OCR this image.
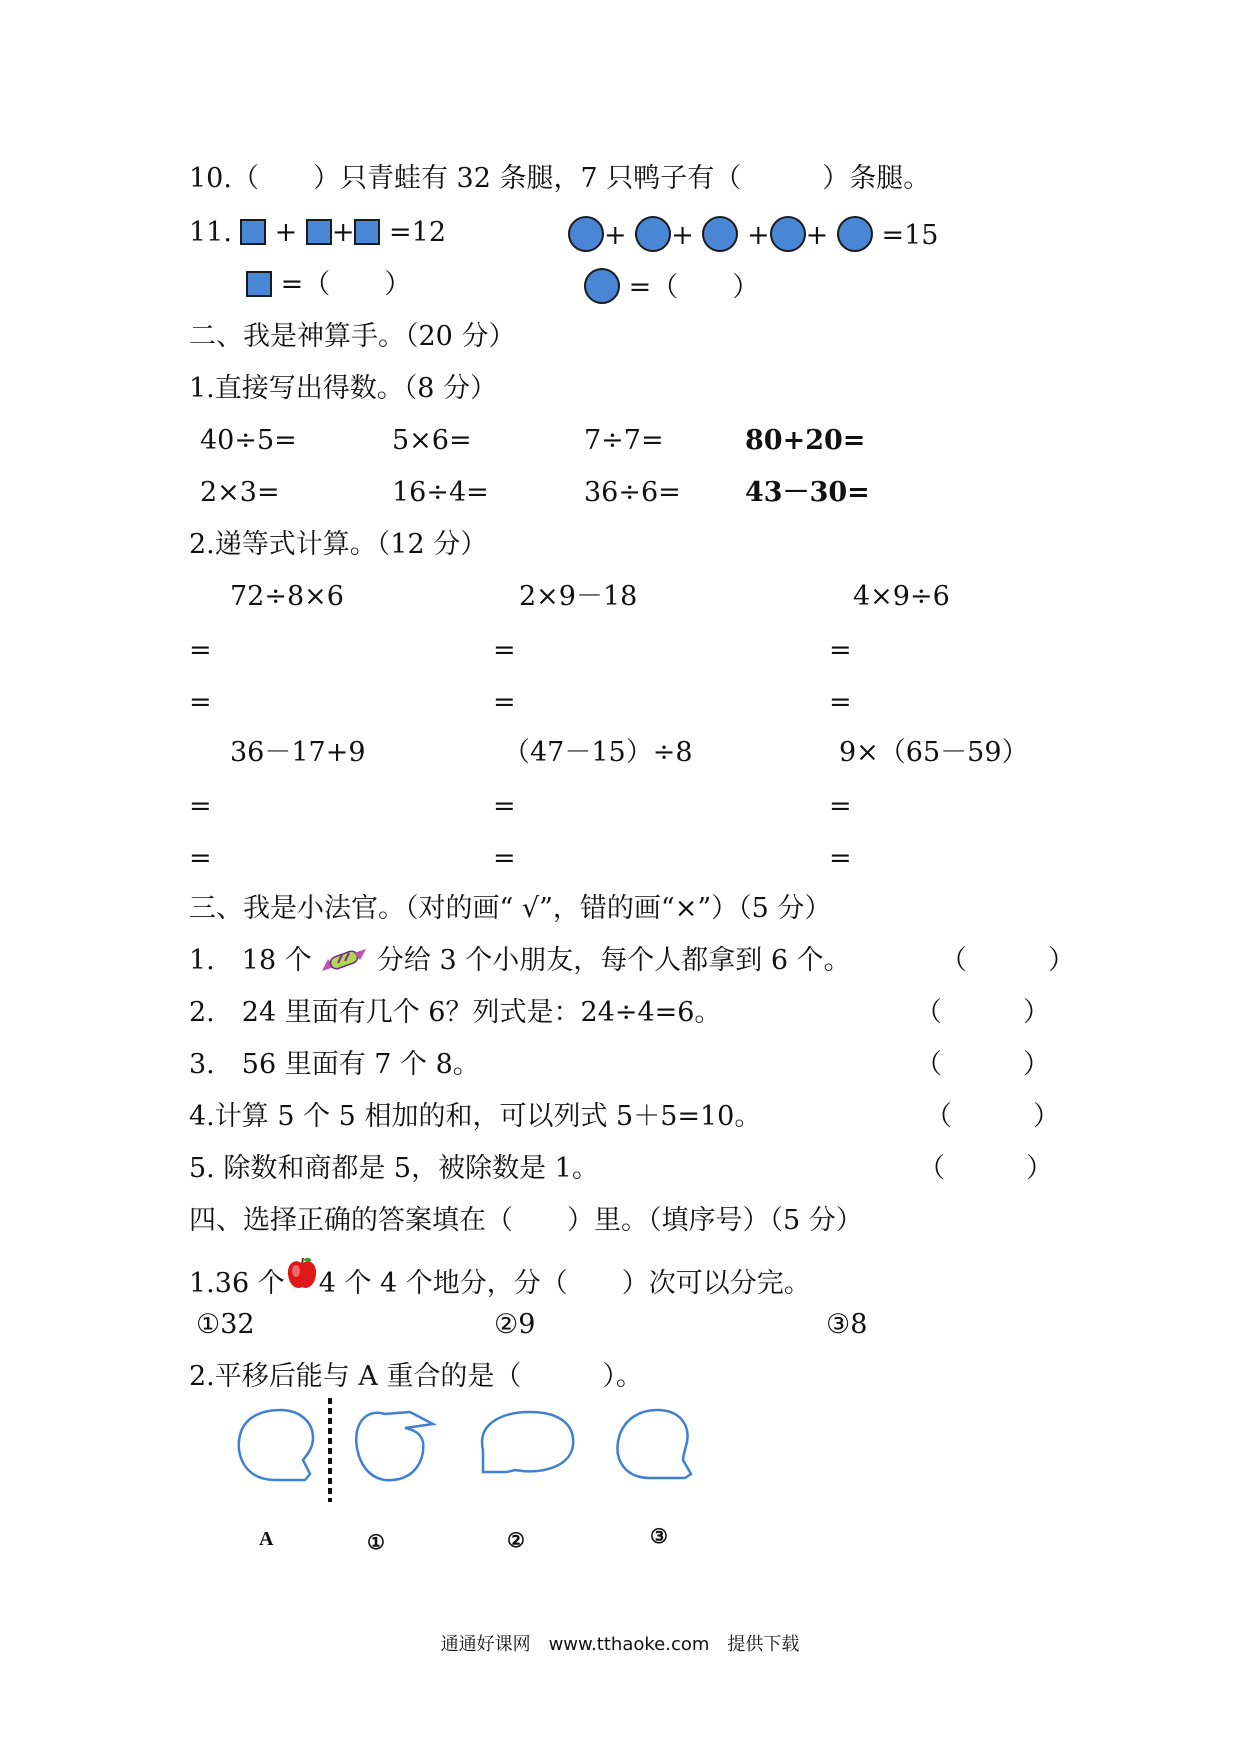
10.（　　）只青蛙有 32 条腿，7 只鸭子有（　　　）条腿。
11.	+ + =12	+ + + + =15
=（　　）	=（　　）
二、我是神算手。（20 分）
1.直接写出得数。（8 分）
40÷5=	5×6=	7÷7=	80+20=
2×3=	16÷4=	36÷6= 43－30=
2.递等式计算。（12 分）
72÷8×6	2×9－18	4×9÷6
=	=	=
=	=	=
36－17+9	（47－15）÷8	9×（65－59）
=	=	=
=	=	=
三、我是小法官。（对的画“ √”，错的画“×”）（5 分）
1.　18 个  分给 3 个小朋友，每个人都拿到 6 个。	（　　　）
2.　24 里面有几个 6？列式是：24÷4=6。	（　　　）
3.　56 里面有 7 个 8。	（　　　）
4.计算 5 个 5 相加的和，可以列式 5＋5=10。	（　　　）
5. 除数和商都是 5，被除数是 1。	（　　　）
四、选择正确的答案填在（　　）里。（填序号）（5 分）
1.36 个 4 个 4 个地分，分（　　）次可以分完。
①32	②9	③8
2.平移后能与 A 重合的是（　　　）。
A	①	②	③
通通好课网　www.tthaoke.com　提供下载
